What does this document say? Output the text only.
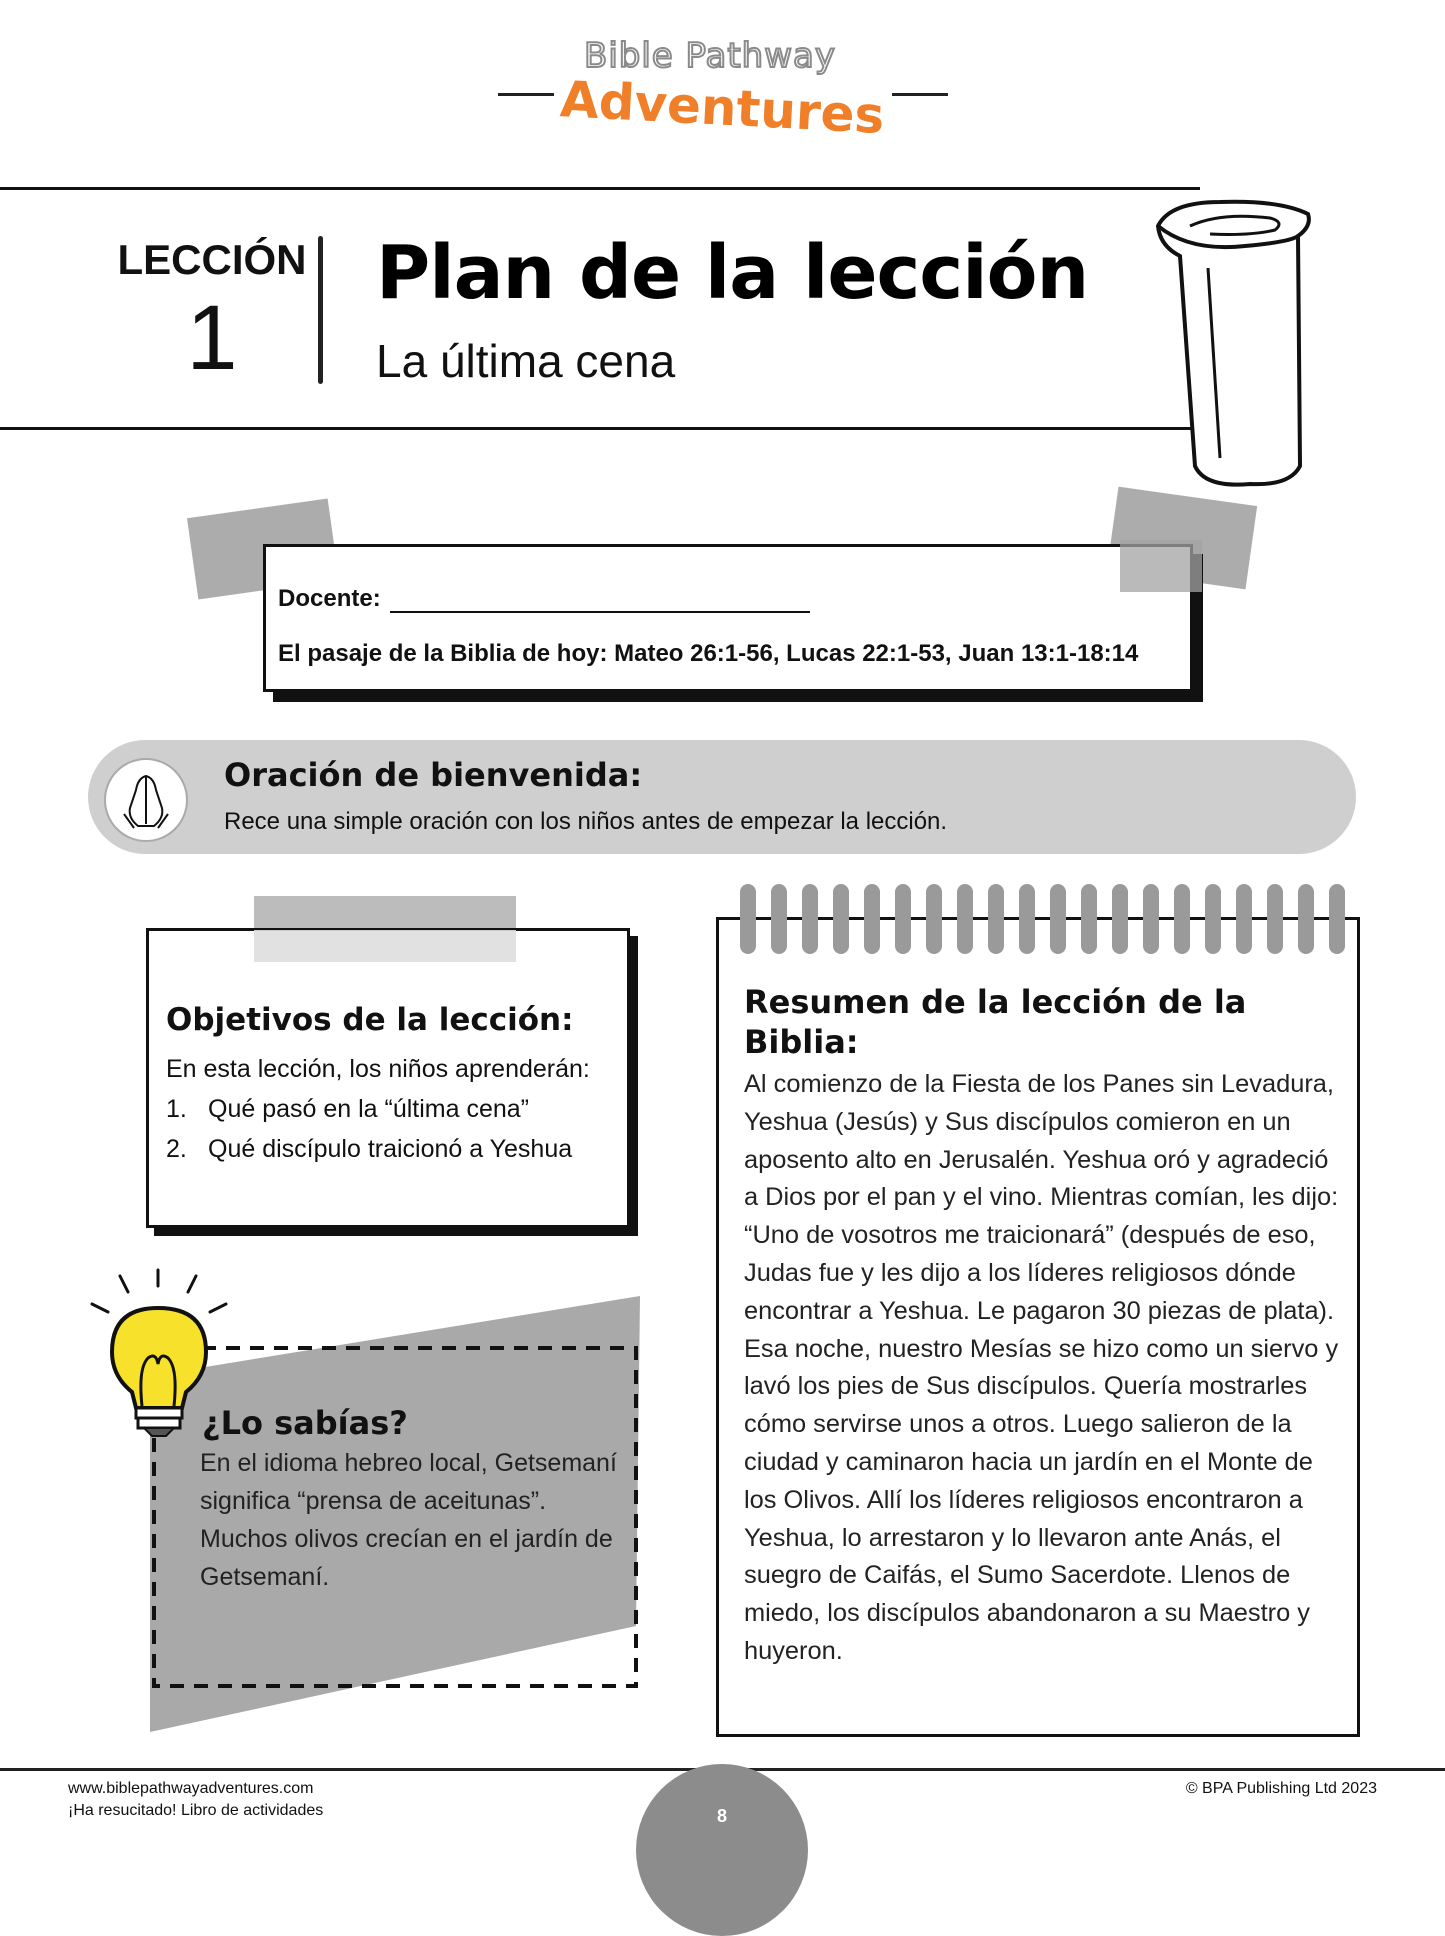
Bible Pathway
Adventures
LECCIÓN
1
Plan de la lección
La última cena
Docente:
El pasaje de la Biblia de hoy: Mateo 26:1-56, Lucas 22:1-53, Juan 13:1-18:14
Oración de bienvenida:
Rece una simple oración con los niños antes de empezar la lección.
Objetivos de la lección:
En esta lección, los niños aprenderán:
1. Qué pasó en la “última cena”
2. Qué discípulo traicionó a Yeshua
¿Lo sabías?
En el idioma hebreo local, Getsemaní significa “prensa de aceitunas”. Muchos olivos crecían en el jardín de Getsemaní.
Resumen de la lección de la Biblia:
Al comienzo de la Fiesta de los Panes sin Levadura, Yeshua (Jesús) y Sus discípulos comieron en un aposento alto en Jerusalén. Yeshua oró y agradeció a Dios por el pan y el vino. Mientras comían, les dijo: “Uno de vosotros me traicionará” (después de eso, Judas fue y les dijo a los líderes religiosos dónde encontrar a Yeshua. Le pagaron 30 piezas de plata). Esa noche, nuestro Mesías se hizo como un siervo y lavó los pies de Sus discípulos. Quería mostrarles cómo servirse unos a otros. Luego salieron de la ciudad y caminaron hacia un jardín en el Monte de los Olivos. Allí los líderes religiosos encontraron a Yeshua, lo arrestaron y lo llevaron ante Anás, el suegro de Caifás, el Sumo Sacerdote. Llenos de miedo, los discípulos abandonaron a su Maestro y huyeron.
8
www.biblepathwayadventures.com
¡Ha resucitado! Libro de actividades
© BPA Publishing Ltd 2023
